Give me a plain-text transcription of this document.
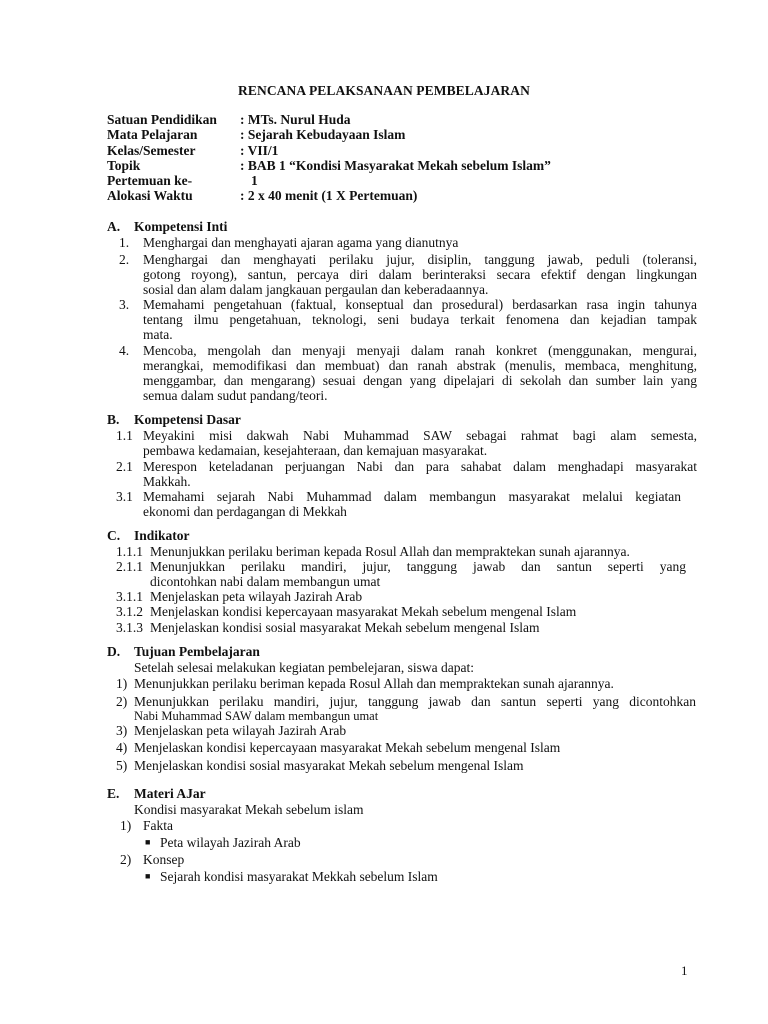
RENCANA PELAKSANAAN PEMBELAJARAN
Satuan Pendidikan : MTs. Nurul Huda
Mata Pelajaran	: Sejarah Kebudayaan Islam
Kelas/Semester	: VII/1
Topik	: BAB 1 “Kondisi Masyarakat Mekah sebelum Islam”
Pertemuan ke-	1
Alokasi Waktu	: 2 x 40 menit (1 X Pertemuan)
A. Kompetensi Inti
1. Menghargai dan menghayati ajaran agama yang dianutnya
2. Menghargai dan menghayati perilaku jujur, disiplin, tanggung jawab, peduli (toleransi,
gotong royong), santun, percaya diri dalam berinteraksi secara efektif dengan lingkungan
sosial dan alam dalam jangkauan pergaulan dan keberadaannya.
3. Memahami pengetahuan (faktual, konseptual dan prosedural) berdasarkan rasa ingin tahunya
tentang ilmu pengetahuan, teknologi, seni budaya terkait fenomena dan kejadian tampak
mata.
4. Mencoba, mengolah dan menyaji menyaji dalam ranah konkret (menggunakan, mengurai,
merangkai, memodifikasi dan membuat) dan ranah abstrak (menulis, membaca, menghitung,
menggambar, dan mengarang) sesuai dengan yang dipelajari di sekolah dan sumber lain yang
semua dalam sudut pandang/teori.
B. Kompetensi Dasar
1.1 Meyakini misi dakwah Nabi Muhammad SAW sebagai rahmat bagi alam semesta,
pembawa kedamaian, kesejahteraan, dan kemajuan masyarakat.
2.1 Merespon keteladanan perjuangan Nabi dan para sahabat dalam menghadapi masyarakat
Makkah.
3.1 Memahami sejarah Nabi Muhammad dalam membangun masyarakat melalui kegiatan
ekonomi dan perdagangan di Mekkah
C. Indikator
1.1.1 Menunjukkan perilaku beriman kepada Rosul Allah dan mempraktekan sunah ajarannya.
2.1.1 Menunjukkan perilaku mandiri, jujur, tanggung jawab dan santun seperti yang
dicontohkan nabi dalam membangun umat
3.1.1 Menjelaskan peta wilayah Jazirah Arab
3.1.2 Menjelaskan kondisi kepercayaan masyarakat Mekah sebelum mengenal Islam
3.1.3 Menjelaskan kondisi sosial masyarakat Mekah sebelum mengenal Islam
D. Tujuan Pembelajaran
Setelah selesai melakukan kegiatan pembelejaran, siswa dapat:
1) Menunjukkan perilaku beriman kepada Rosul Allah dan mempraktekan sunah ajarannya.
2) Menunjukkan perilaku mandiri, jujur, tanggung jawab dan santun seperti yang dicontohkan
Nabi Muhammad SAW dalam membangun umat
3) Menjelaskan peta wilayah Jazirah Arab
4) Menjelaskan kondisi kepercayaan masyarakat Mekah sebelum mengenal Islam
5) Menjelaskan kondisi sosial masyarakat Mekah sebelum mengenal Islam
E. Materi AJar
Kondisi masyarakat Mekah sebelum islam
1) Fakta
■ Peta wilayah Jazirah Arab
2) Konsep
■ Sejarah kondisi masyarakat Mekkah sebelum Islam
1
